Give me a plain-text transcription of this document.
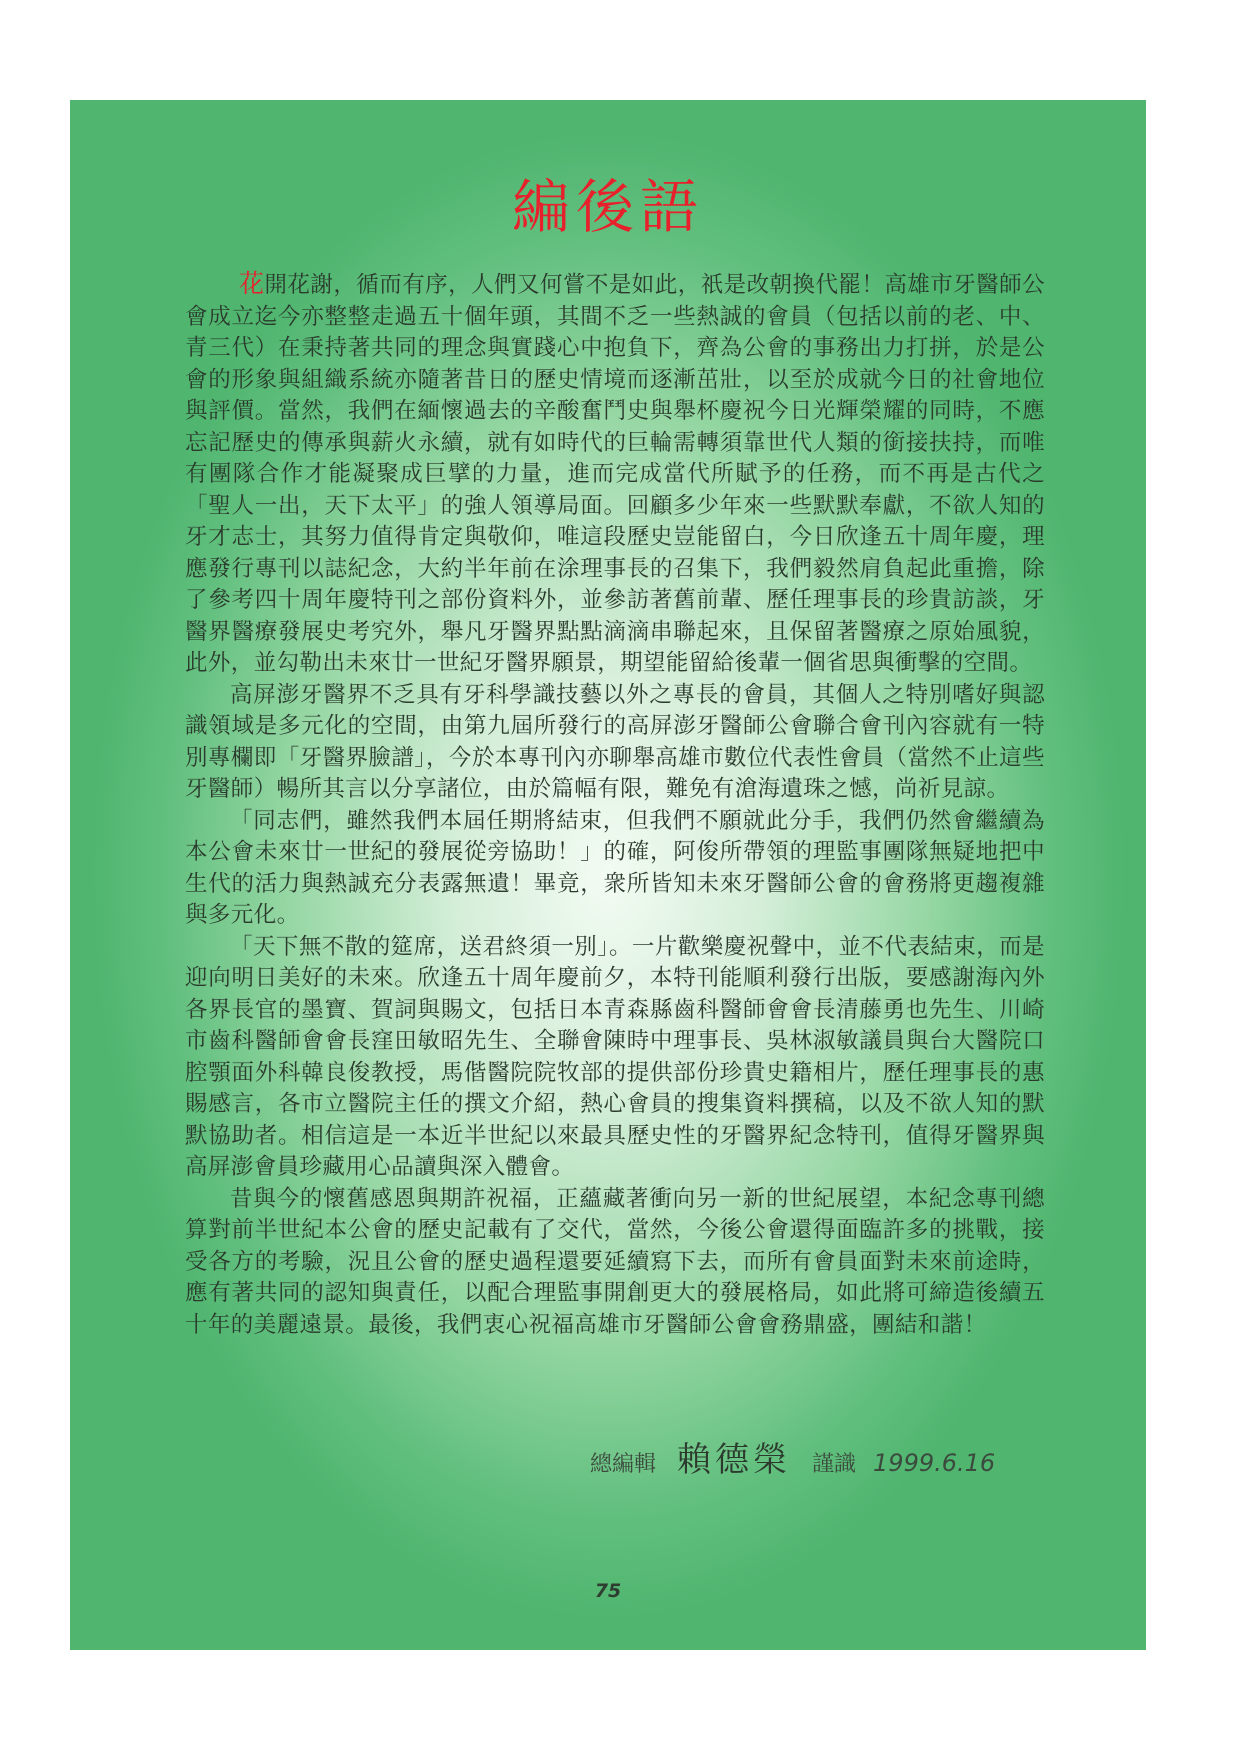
編後語

花開花謝，循而有序，人們又何嘗不是如此，祇是改朝換代罷！高雄市牙醫師公會成立迄今亦整整走過五十個年頭，其間不乏一些熱誠的會員（包括以前的老、中、青三代）在秉持著共同的理念與實踐心中抱負下，齊為公會的事務出力打拼，於是公會的形象與組織系統亦隨著昔日的歷史情境而逐漸茁壯，以至於成就今日的社會地位與評價。當然，我們在緬懷過去的辛酸奮鬥史與舉杯慶祝今日光輝榮耀的同時，不應忘記歷史的傳承與薪火永續，就有如時代的巨輪需轉須靠世代人類的銜接扶持，而唯有團隊合作才能凝聚成巨擘的力量，進而完成當代所賦予的任務，而不再是古代之「聖人一出，天下太平」的強人領導局面。回顧多少年來一些默默奉獻，不欲人知的牙才志士，其努力值得肯定與敬仰，唯這段歷史豈能留白，今日欣逢五十周年慶，理應發行專刊以誌紀念，大約半年前在涂理事長的召集下，我們毅然肩負起此重擔，除了參考四十周年慶特刊之部份資料外，並參訪著舊前輩、歷任理事長的珍貴訪談，牙醫界醫療發展史考究外，舉凡牙醫界點點滴滴串聯起來，且保留著醫療之原始風貌，此外，並勾勒出未來廿一世紀牙醫界願景，期望能留給後輩一個省思與衝擊的空間。

高屏澎牙醫界不乏具有牙科學識技藝以外之專長的會員，其個人之特別嗜好與認識領域是多元化的空間，由第九屆所發行的高屏澎牙醫師公會聯合會刊內容就有一特別專欄即「牙醫界臉譜」，今於本專刊內亦聊舉高雄市數位代表性會員（當然不止這些牙醫師）暢所其言以分享諸位，由於篇幅有限，難免有滄海遺珠之憾，尚祈見諒。

「同志們，雖然我們本屆任期將結束，但我們不願就此分手，我們仍然會繼續為本公會未來廿一世紀的發展從旁協助！」的確，阿俊所帶領的理監事團隊無疑地把中生代的活力與熱誠充分表露無遺！畢竟，衆所皆知未來牙醫師公會的會務將更趨複雜與多元化。

「天下無不散的筵席，送君終須一別」。一片歡樂慶祝聲中，並不代表結束，而是迎向明日美好的未來。欣逢五十周年慶前夕，本特刊能順利發行出版，要感謝海內外各界長官的墨寶、賀詞與賜文，包括日本青森縣齒科醫師會會長清藤勇也先生、川崎市齒科醫師會會長窪田敏昭先生、全聯會陳時中理事長、吳林淑敏議員與台大醫院口腔顎面外科韓良俊教授，馬偕醫院院牧部的提供部份珍貴史籍相片，歷任理事長的惠賜感言，各市立醫院主任的撰文介紹，熱心會員的搜集資料撰稿，以及不欲人知的默默協助者。相信這是一本近半世紀以來最具歷史性的牙醫界紀念特刊，值得牙醫界與高屏澎會員珍藏用心品讀與深入體會。

昔與今的懷舊感恩與期許祝福，正蘊藏著衝向另一新的世紀展望，本紀念專刊總算對前半世紀本公會的歷史記載有了交代，當然，今後公會還得面臨許多的挑戰，接受各方的考驗，況且公會的歷史過程還要延續寫下去，而所有會員面對未來前途時，應有著共同的認知與責任，以配合理監事開創更大的發展格局，如此將可締造後續五十年的美麗遠景。最後，我們衷心祝福高雄市牙醫師公會會務鼎盛，團結和諧！

總編輯 賴德榮 謹識 1999.6.16
75
